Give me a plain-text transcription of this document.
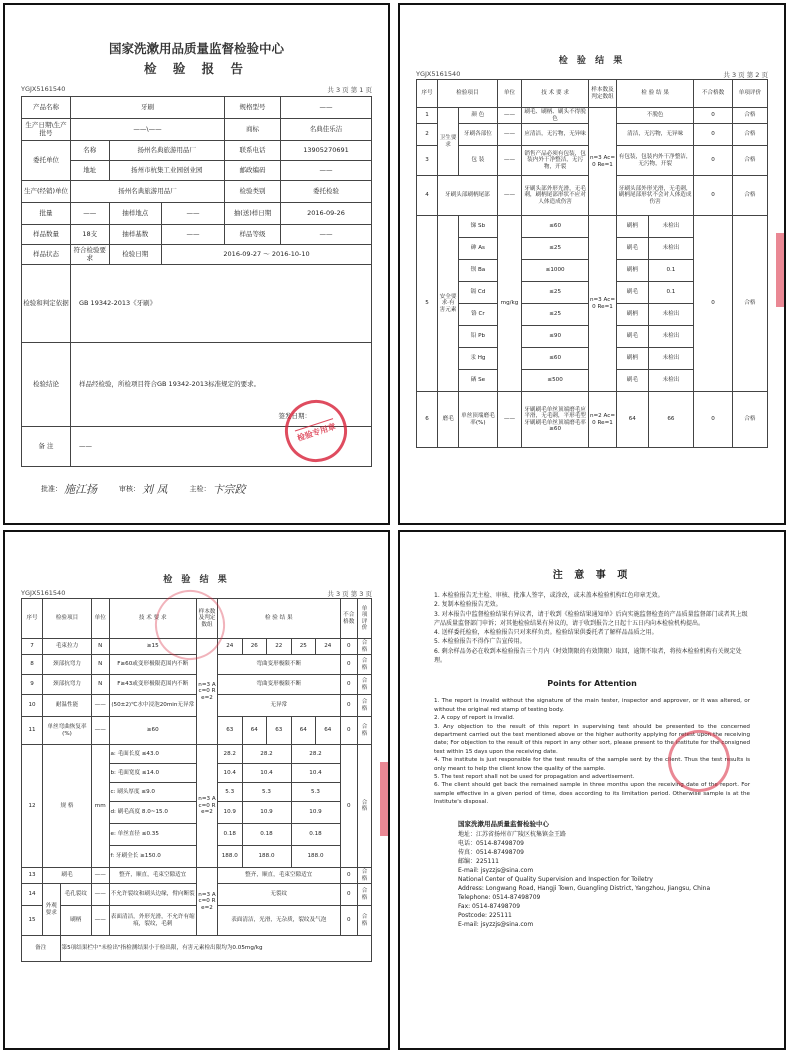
国家洗漱用品质量监督检验中心
检 验 报 告
YGJX5161540	共 3 页 第 1 页
产品名称	牙刷			规格型号	——
生产日期\生产批号	——\——			商标	名典佳乐洁
委托单位	名称	扬州名典旅游用品厂		联系电话	13905270691
	地址	扬州市杭集工业园创业园		邮政编码	——
生产(经销)单位	扬州名典旅游用品厂			检验类别	委托检验
批量	——	抽样地点	——	抽(送)样日期	2016-09-26
样品数量	18支	抽样基数	——	样品等级	——
样品状态	符合检验要求	检验日期	2016-09-27 ～ 2016-10-10		
检验和判定依据	GB 19342-2013《牙刷》				
检验结论	样品经检验，所检项目符合GB 19342-2013标准规定的要求。
签发日期：				

备 注	——				
检验专用章
批准： 施江扬	审核： 刘 凤	主检： 卞宗跤
检 验 结 果
YGJX5161540	共 3 页 第 2 页
序号	检验项目		单位	技 术 要 求	样本数及判定数组	检 验 结 果		不合格数	单项评价
1	卫生要求	颜 色	——	刷毛、刷柄、刷头不得脱色	n=3 Ac=0 Re=1	不脱色		0	合格
2		牙刷各部位	——	应清洁，无污物，无异味		清洁，无污物，无异味		0	合格
3		包 装	——	销售产品必须有包装，包装内外干净整洁，无污物，开裂		有包装，包装内外干净整洁，无污物，开裂		0	合格
4	牙刷头部刷柄尾部		——	牙刷头部外形光滑，无毛刺，刷柄尾部形状不应对人体造成伤害		牙刷头部外形光滑，无毛刺，刷柄尾部形状不会对人体造成伤害		0	合格
5	安全要求·有害元素	锑 Sb	mg/kg	≤60	n=3 Ac=0 Re=1	刷柄	未检出	0	合格
		砷 As		≤25		刷毛	未检出		
		钡 Ba		≤1000		刷柄	0.1		
		镉 Cd		≤25		刷毛	0.1		
		铬 Cr		≤25		刷柄	未检出		
		铅 Pb		≤90		刷毛	未检出		
		汞 Hg		≤60		刷柄	未检出		
		硒 Se		≤500		刷毛	未检出		
6	磨毛	单丝顶端磨毛率(%)	——	牙刷刷毛单丝顶端磨毛应平滑，无毛刺，平形毛型牙刷刷毛单丝顶端磨毛率≥60	n=2 Ac=0 Re=1	64	66	0	合格
检 验 结 果
YGJX5161540	共 3 页 第 3 页
序号	检验项目		单位	技 术 要 求	样本数及判定数组	检 验 结 果					不合格数	单项评价
7	毛束拉力		N	≥15	n=3 Ac=0 Re=2	24	26	22	25	24	0	合格
8	颈部抗弯力		N	F≥60或变形极限范围内不断		弯曲变形极限不断					0	合格
9	颈部抗弯力		N	F≥43或变形极限范围内不断		弯曲变形极限不断					0	合格
10	耐温性能		——	(50±2)℃水中浸泡20min无异常		无异常					0	合格
11	单丝弯曲恢复率(%)		——	≥60		63	64	63	64	64	0	合格
12	规 格		mm	a: 毛面长度 ≤43.0	n=3 Ac=0 Re=2	28.2	28.2		28.2		0	合格
				b: 毛面宽度 ≤14.0		10.4	10.4		10.4			
				c: 刷头厚度 ≤9.0		5.3	5.3		5.3			
				d: 刷毛高度 8.0~15.0		10.9	10.9		10.9			
				e: 单丝直径 ≤0.35		0.18	0.18		0.18			
				f: 牙刷全长 ≥150.0		188.0	188.0		188.0			
13	刷毛		——	整齐，顺直，毛束空隙适宜	n=3 Ac=0 Re=2	整齐，顺直，毛束空隙适宜					0	合格
14	外观要求	毛孔裂纹	——	不允许裂纹和刷头边缘，臂向断裂		无裂纹					0	合格
15		刷柄	——	表面清洁，外形光滑，不允许有缩痕，裂纹，毛刺		表面清洁，光滑，无杂质，裂纹及气泡					0	合格
备注		第5项结果栏中"未检出"指检测结果小于检出限，有害元素检出限均为0.05mg/kg										
注 意 事 项

1. 本检验报告无主检、审核、批准人签字，或涂改，或未盖本检验机构红色印章无效。

2. 复制本检验报告无效。

3. 对本报告中监督检验结果有异议者，请于收到《检验结果通知单》后向实施监督检查的产品质量监督部门或者其上级产品质量监督部门申诉；对其他检验结果有异议的，请于收到报告之日起十五日内向本检验机构提出。

4. 送样委托检验，本检验报告只对来样负责。检验结果供委托者了解样品品质之用。

5. 本检验报告不得作广告宣传用。

6. 剩余样品务必在收到本检验报告三个月内（时效期限的有效期限）取回，逾期不取者，将按本检验机构有关规定处理。

Points for Attention

1. The report is invalid without the signature of the main tester, inspector and approver, or it was altered, or without the original red stamp of testing body.

2. A copy of report is invalid.

3. Any objection to the result of this report in supervising test should be presented to the concerned department carried out the test mentioned above or the higher authority applying for retest upon the receiving date; For objection to the result of this report in any other sort, please present to the institute for the consigned test within 15 days upon the receiving date.

4. The institute is just responsible for the test results of the sample sent by the client. Thus the test results is only meant to help the client know the quality of the sample.

5. The test report shall not be used for propagation and advertisement.

6. The client should get back the remained sample in three months upon the receiving date of the report. For sample effective in a given period of time, does according to its limitation period. Otherwise sample is at the Institute's disposal.

国家洗漱用品质量监督检验中心
地址：江苏省扬州市广陵区杭集镇金王路
电话：0514-87498709
传真：0514-87498709
邮编：225111
E-mail: jsyzzjs@sina.com
National Center of Quality Supervision and Inspection for Toiletry
Address: Longwang Road, Hangji Town, Guangling District, Yangzhou, Jiangsu, China
Telephone: 0514-87498709
Fax: 0514-87498709
Postcode: 225111
E-mail: jsyzzjs@sina.com
